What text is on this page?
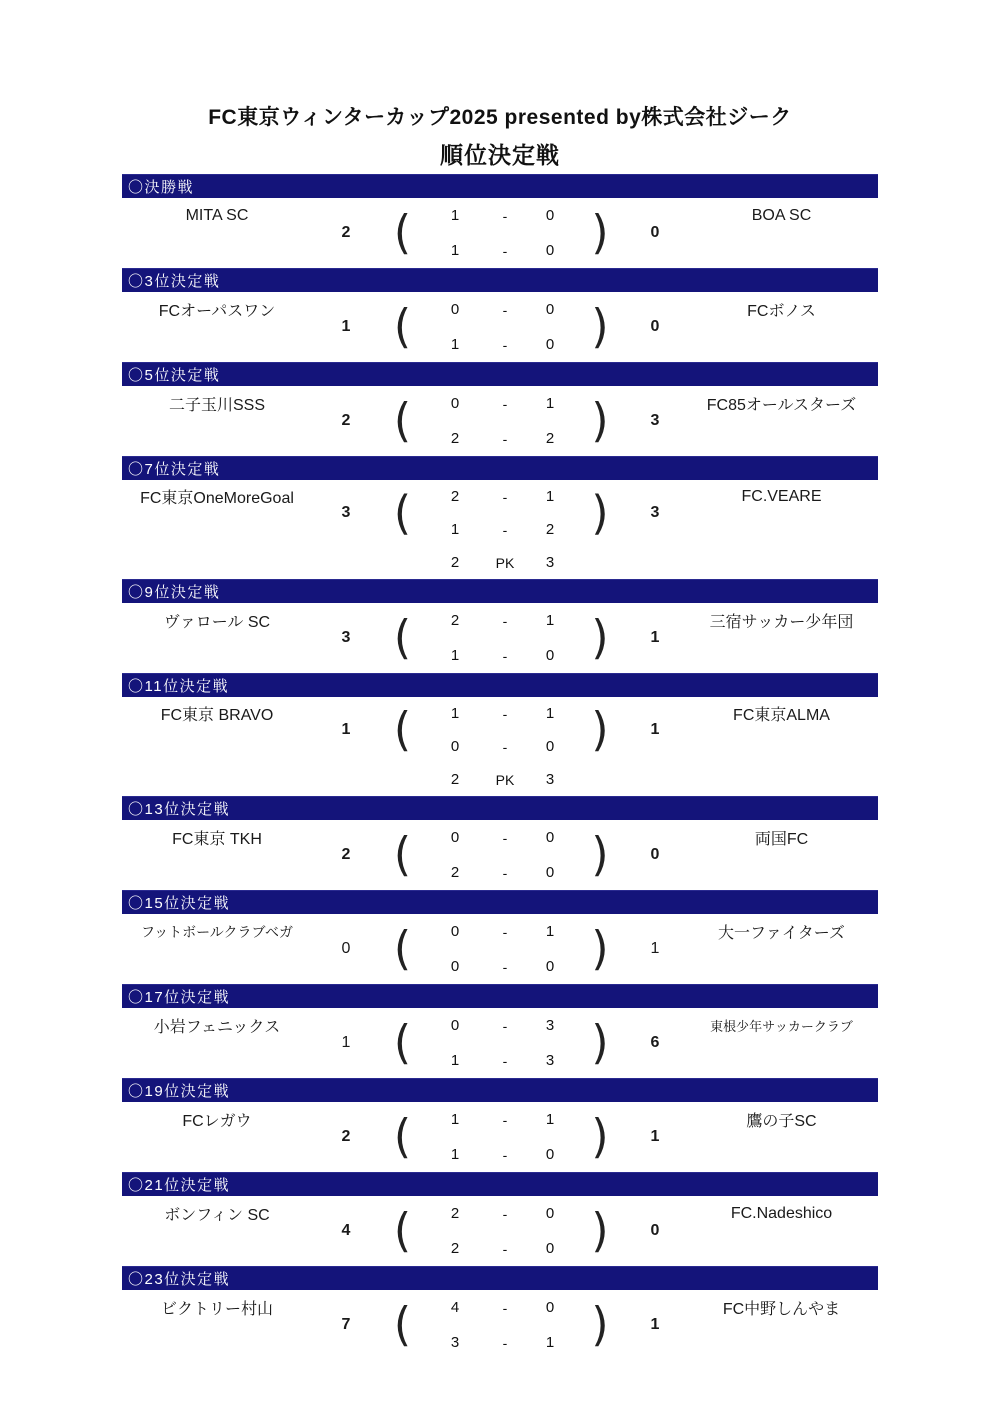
FC東京ウィンターカップ2025 presented by株式会社ジーク
順位決定戦
〇決勝戦
MITA SC
2 (	1	-	0
1	-	0 )	0
BOA SC
〇3位決定戦
FCオーパスワン
1 (	0	-	0
1	-	0 )	0
FCボノス
〇5位決定戦
二子玉川SSS
2 (	0	-	1
2	-	2 )	3
FC85オールスターズ
〇7位決定戦
FC東京OneMoreGoal
3 (	2	-	1
1	-	2
2	PK	3
)	3
FC.VEARE
〇9位決定戦
ヴァロール SC
3 (	2	-	1
1	-	0 )	1
三宿サッカー少年団
〇11位決定戦
FC東京 BRAVO
1 (	1	-	1
0	-	0
2	PK	3
)	1
FC東京ALMA
〇13位決定戦
FC東京 TKH
2 (	0	-	0
2	-	0 )	0
両国FC
〇15位決定戦
フットボールクラブベガ
0 (	0	-	1
0	-	0 )	1
大一ファイターズ
〇17位決定戦
小岩フェニックス
1 (	0	-	3
1	-	3 )	6
東根少年サッカークラブ
〇19位決定戦
FCレガウ
2 (	1	-	1
1	-	0 )	1
鷹の子SC
〇21位決定戦
ボンフィン SC
4 (	2	-	0
2	-	0 )	0
FC.Nadeshico
〇23位決定戦
ビクトリー村山
7 (	4	-	0
3	-	1 )	1
FC中野しんやま
